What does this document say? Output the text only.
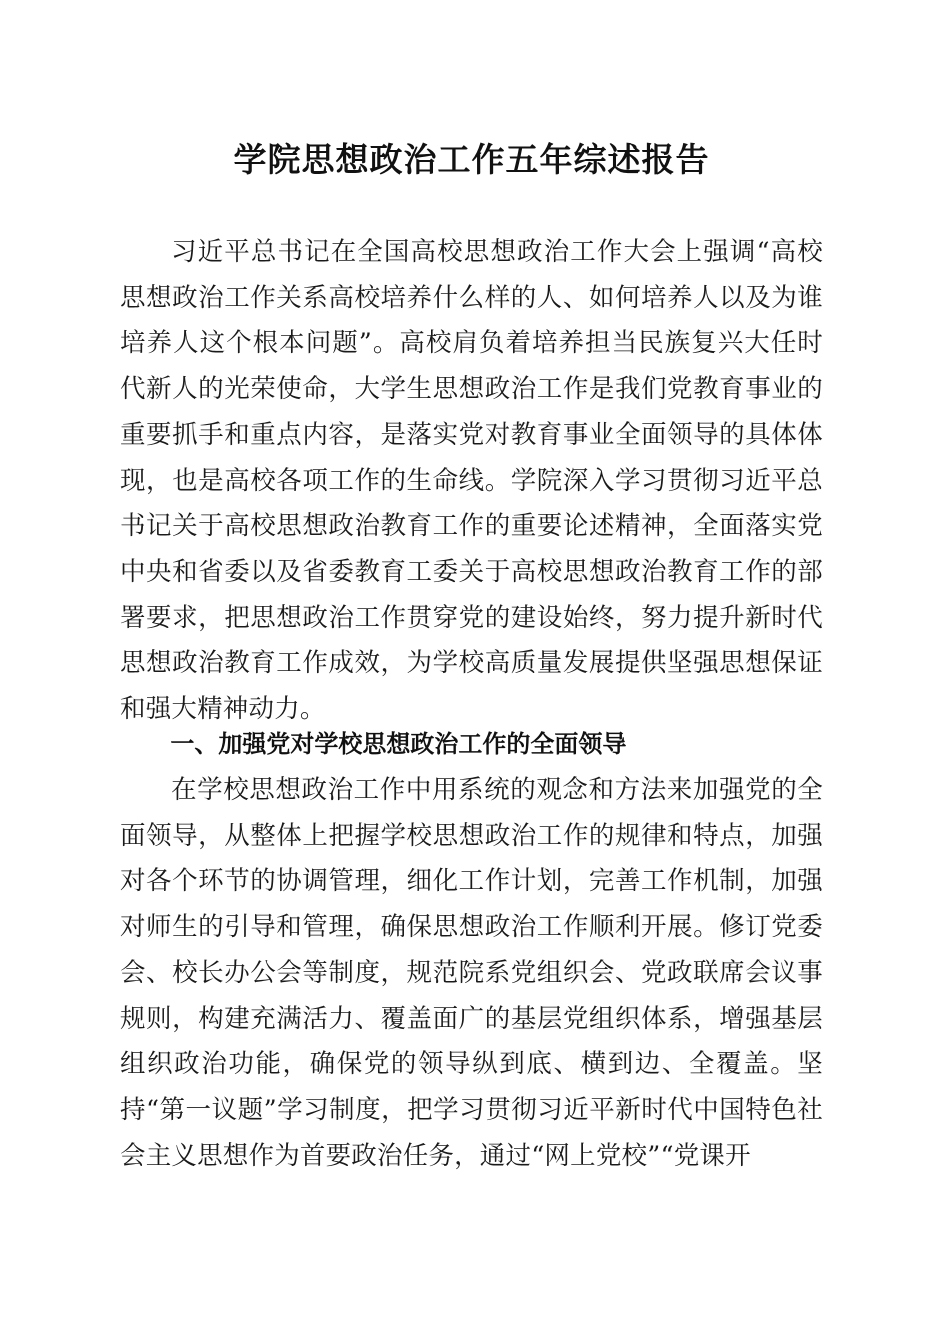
学院思想政治工作五年综述报告

习近平总书记在全国高校思想政治工作大会上强调“高校思想政治工作关系高校培养什么样的人、如何培养人以及为谁培养人这个根本问题”。高校肩负着培养担当民族复兴大任时代新人的光荣使命，大学生思想政治工作是我们党教育事业的重要抓手和重点内容，是落实党对教育事业全面领导的具体体现，也是高校各项工作的生命线。学院深入学习贯彻习近平总书记关于高校思想政治教育工作的重要论述精神，全面落实党中央和省委以及省委教育工委关于高校思想政治教育工作的部署要求，把思想政治工作贯穿党的建设始终，努力提升新时代思想政治教育工作成效，为学校高质量发展提供坚强思想保证和强大精神动力。

一、加强党对学校思想政治工作的全面领导

在学校思想政治工作中用系统的观念和方法来加强党的全面领导，从整体上把握学校思想政治工作的规律和特点，加强对各个环节的协调管理，细化工作计划，完善工作机制，加强对师生的引导和管理，确保思想政治工作顺利开展。修订党委会、校长办公会等制度，规范院系党组织会、党政联席会议事规则，构建充满活力、覆盖面广的基层党组织体系，增强基层组织政治功能，确保党的领导纵到底、横到边、全覆盖。坚持“第一议题”学习制度，把学习贯彻习近平新时代中国特色社会主义思想作为首要政治任务，通过“网上党校”“党课开
